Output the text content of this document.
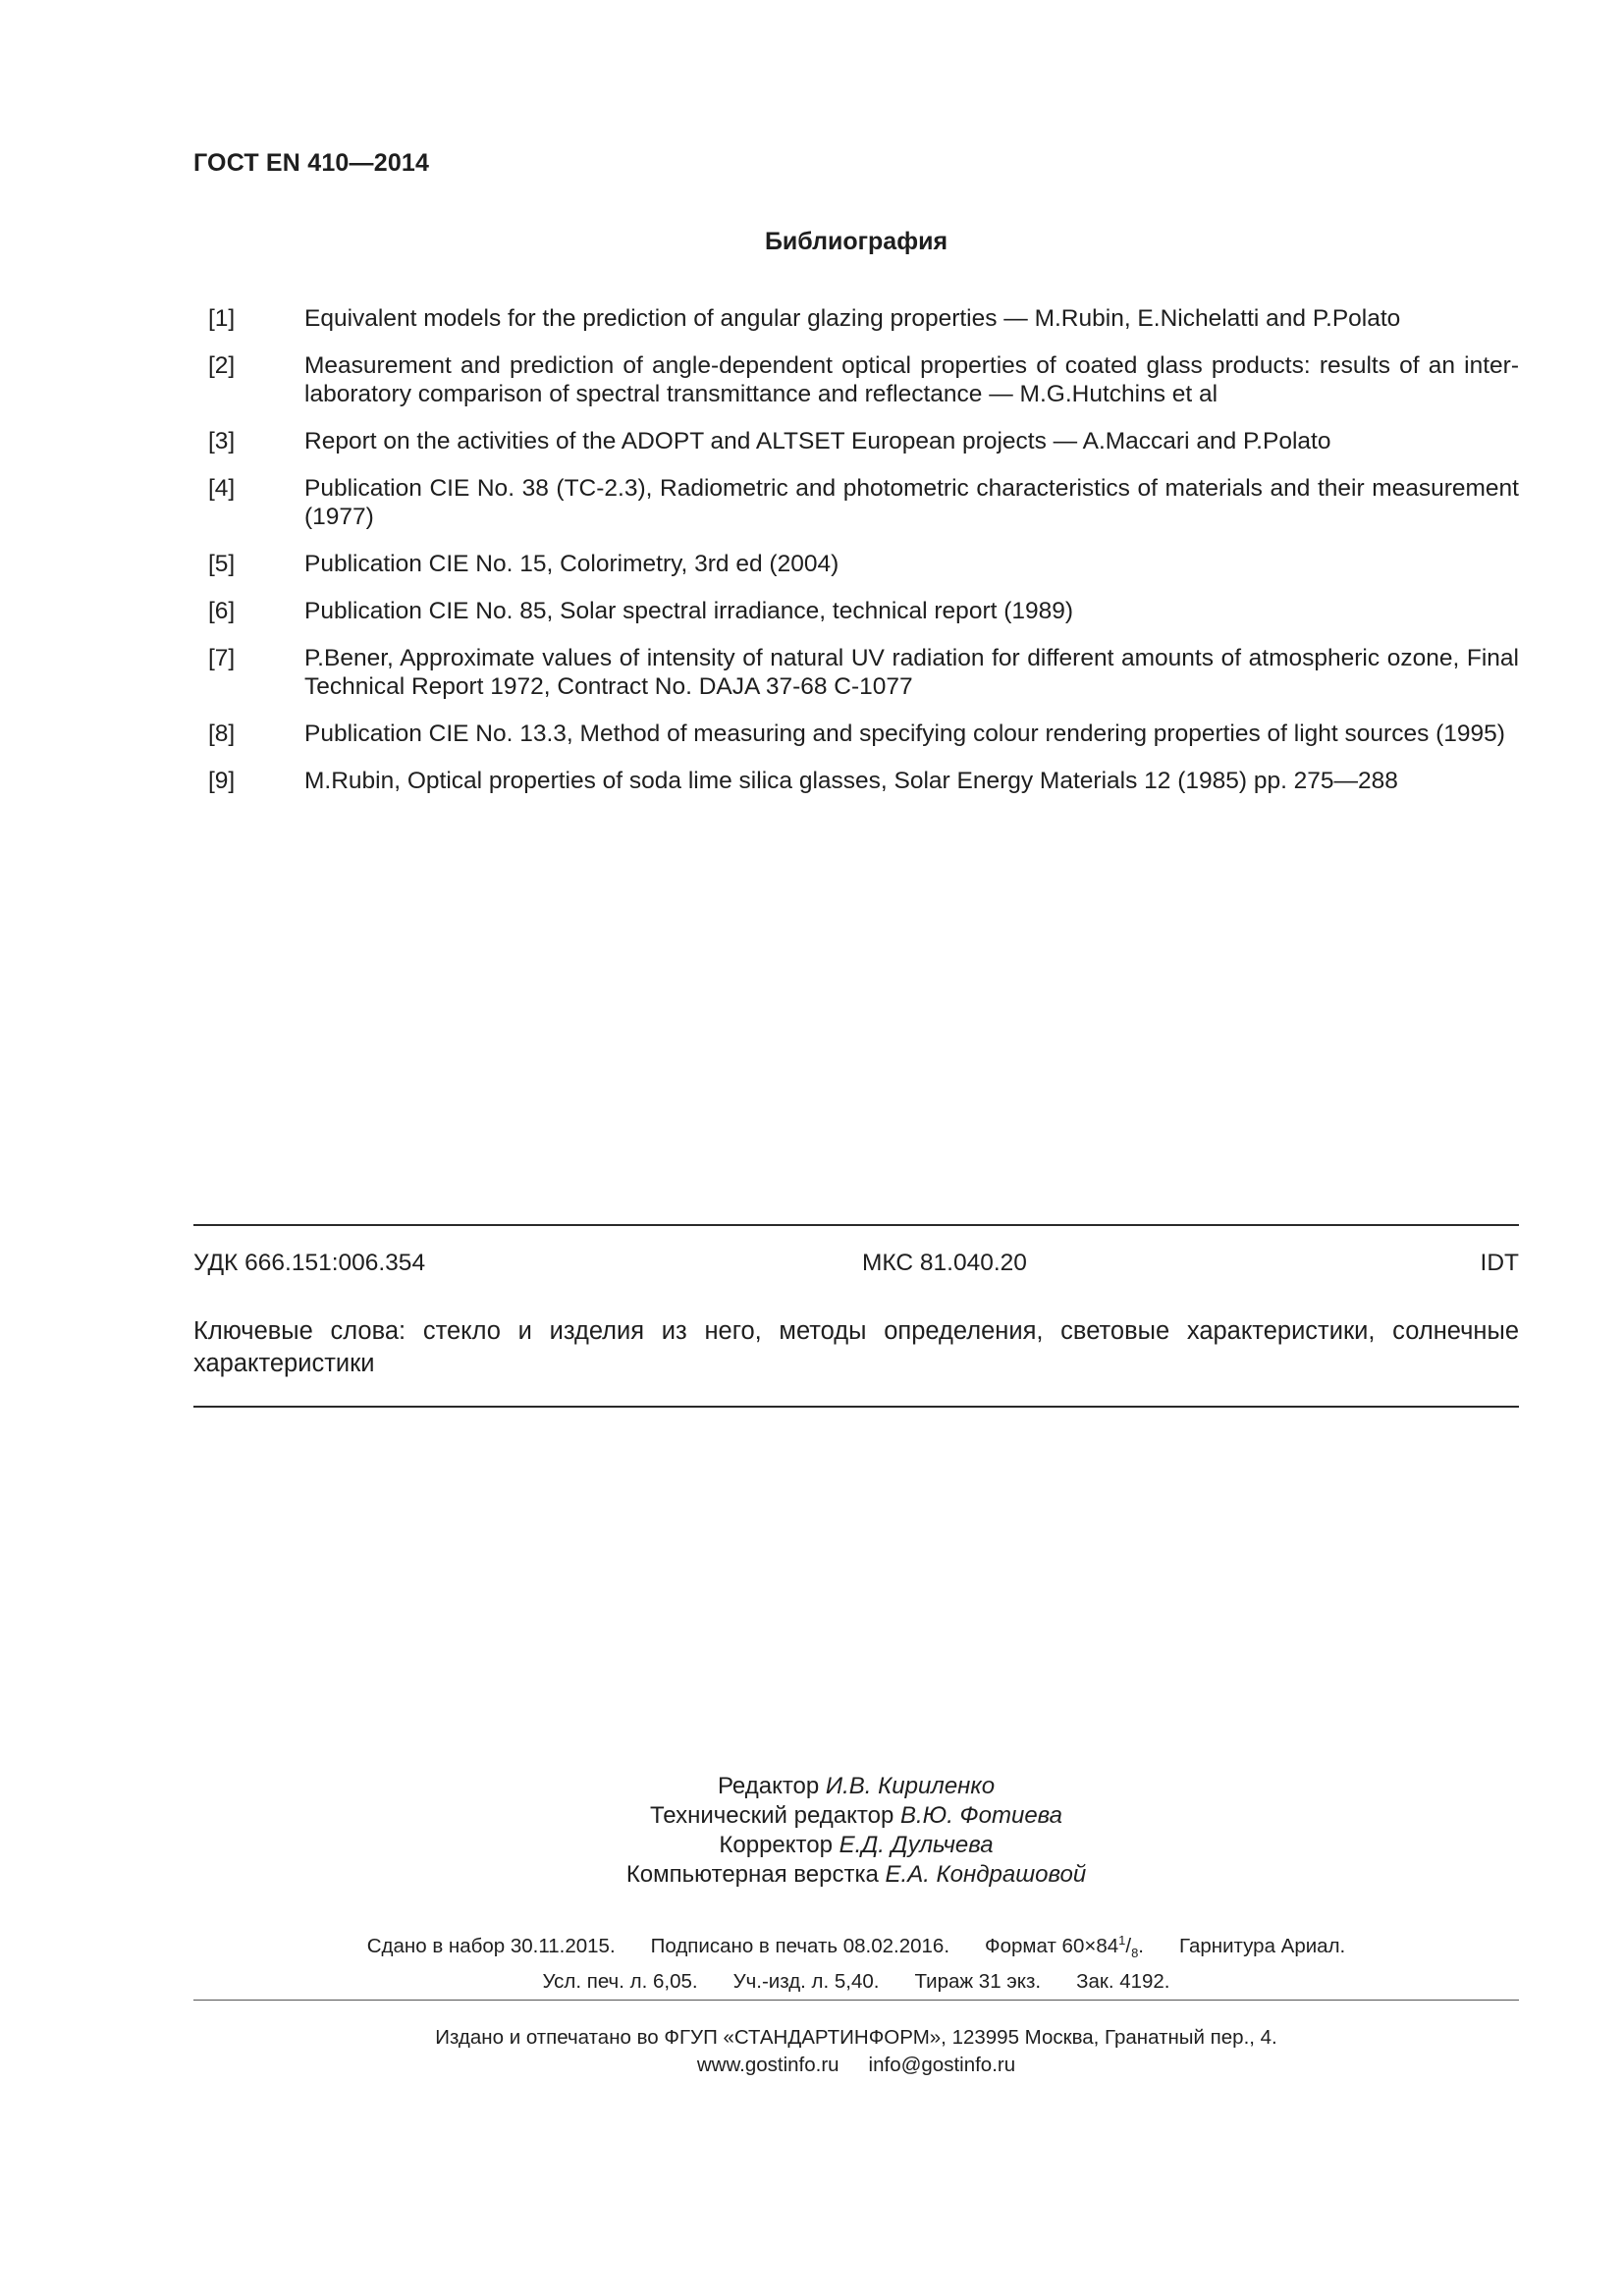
ГОСТ EN 410—2014
Библиография
[1]	Equivalent models for the prediction of angular glazing properties — M.Rubin, E.Nichelatti and P.Polato
[2]	Measurement and prediction of angle-dependent optical properties of coated glass products: results of an inter-laboratory comparison of spectral transmittance and reflectance — M.G.Hutchins et al
[3]	Report on the activities of the ADOPT and ALTSET European projects — A.Maccari and P.Polato
[4]	Publication CIE No. 38 (TC-2.3), Radiometric and photometric characteristics of materials and their measurement (1977)
[5]	Publication CIE No. 15, Colorimetry, 3rd ed (2004)
[6]	Publication CIE No. 85, Solar spectral irradiance, technical report (1989)
[7]	P.Bener, Approximate values of intensity of natural UV radiation for different amounts of atmospheric ozone, Final Technical Report 1972, Contract No. DAJA 37-68 C-1077
[8]	Publication CIE No. 13.3, Method of measuring and specifying colour rendering properties of light sources (1995)
[9]	M.Rubin, Optical properties of soda lime silica glasses, Solar Energy Materials 12 (1985) pp. 275—288
УДК 666.151:006.354	МКС 81.040.20	IDT
Ключевые слова: стекло и изделия из него, методы определения, световые характеристики, солнечные характеристики
Редактор И.В. Кириленко
Технический редактор В.Ю. Фотиева
Корректор Е.Д. Дульчева
Компьютерная верстка Е.А. Кондрашовой
Сдано в набор 30.11.2015. Подписано в печать 08.02.2016. Формат $60\times 84^1/_8$. Гарнитура Ариал.
Усл. печ. л. 6,05. Уч.-изд. л. 5,40. Тираж 31 экз. Зак. 4192.
Издано и отпечатано во ФГУП «СТАНДАРТИНФОРМ», 123995 Москва, Гранатный пер., 4.
www.gostinfo.ru info@gostinfo.ru
